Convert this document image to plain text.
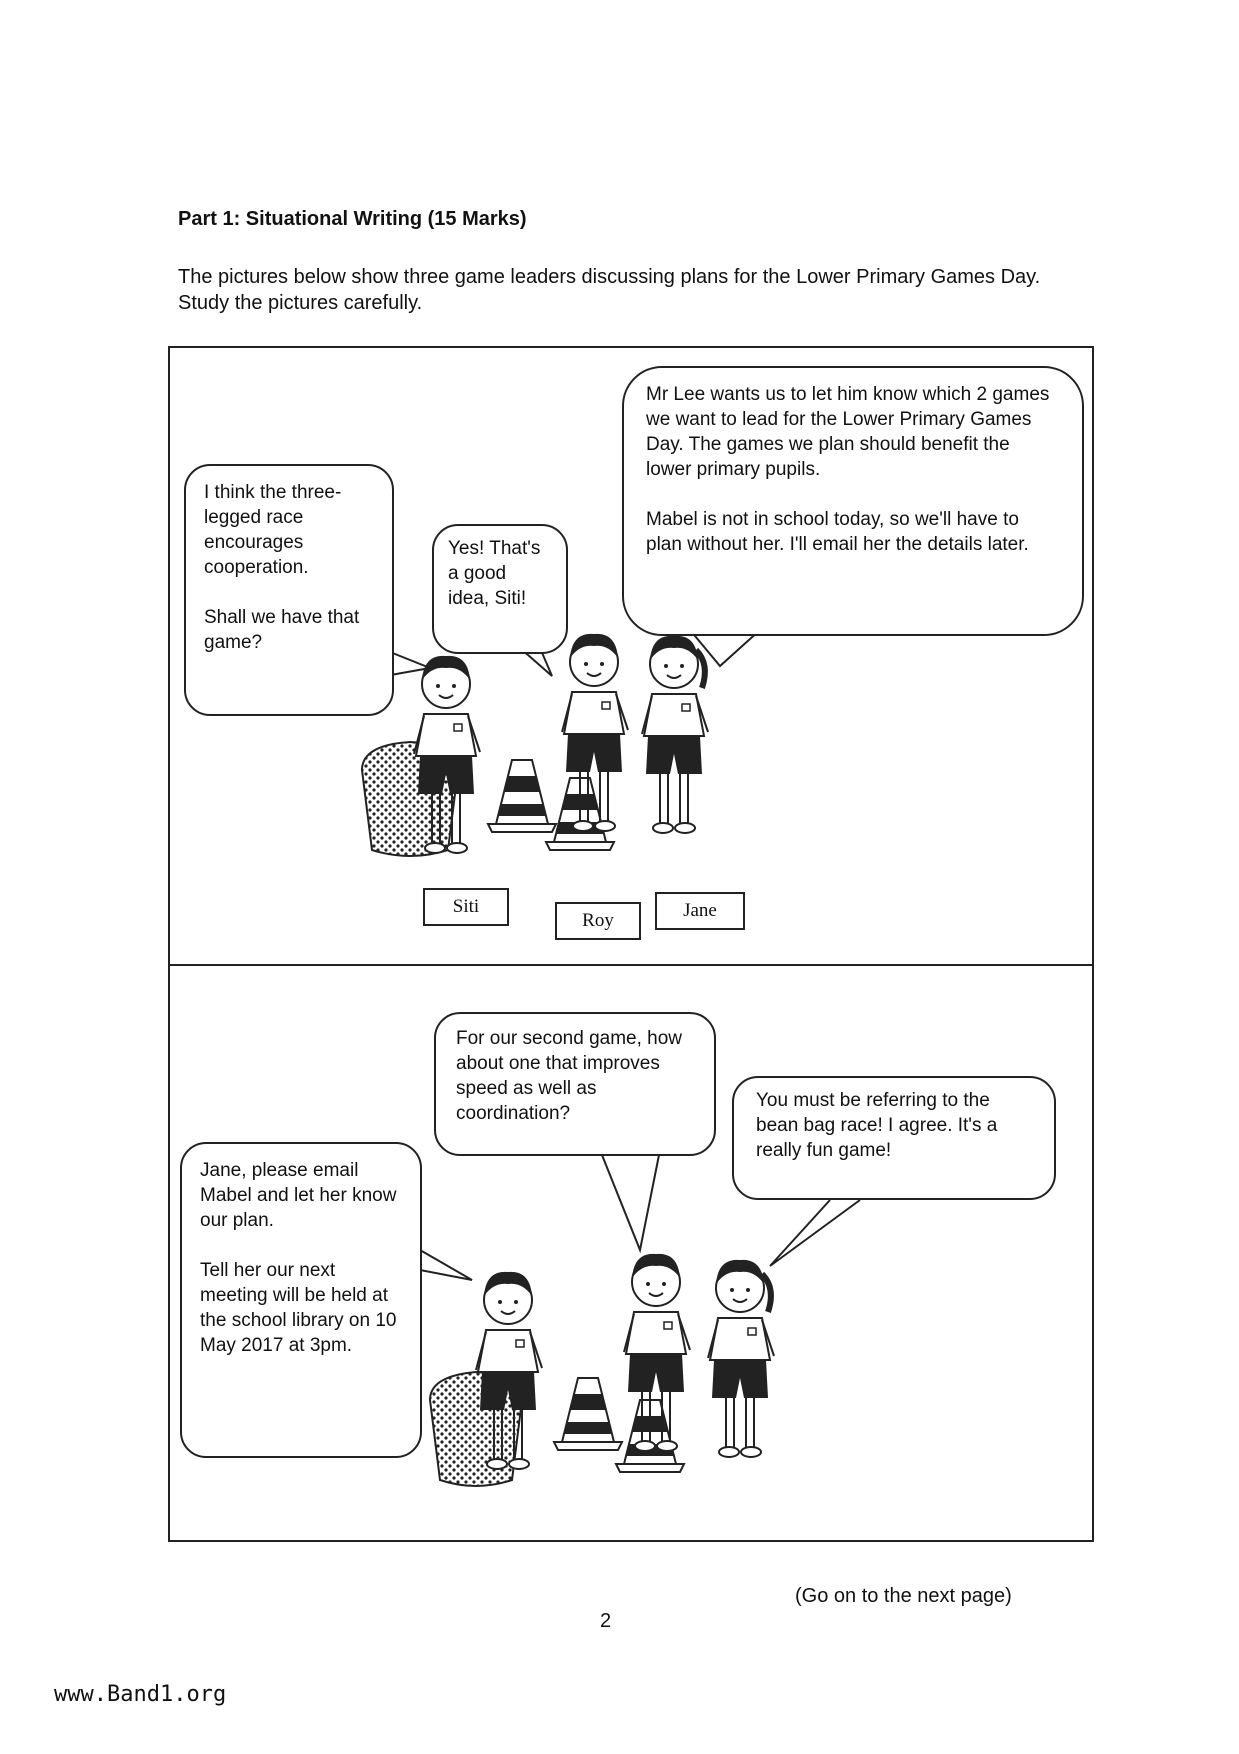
Part 1: Situational Writing (15 Marks)
The pictures below show three game leaders discussing plans for the Lower Primary Games Day. Study the pictures carefully.

I think the three-legged race encourages cooperation.

Shall we have that game?

Yes! That's a good idea, Siti!

Mr Lee wants us to let him know which 2 games we want to lead for the Lower Primary Games Day. The games we plan should benefit the lower primary pupils.

Mabel is not in school today, so we'll have to plan without her. I'll email her the details later.

Siti
Roy	Jane

Jane, please email Mabel and let her know our plan.

Tell her our next meeting will be held at the school library on 10 May 2017 at 3pm.

For our second game, how about one that improves speed as well as coordination?

You must be referring to the bean bag race! I agree. It's a really fun game!

(Go on to the next page)
2
www.Band1.org
